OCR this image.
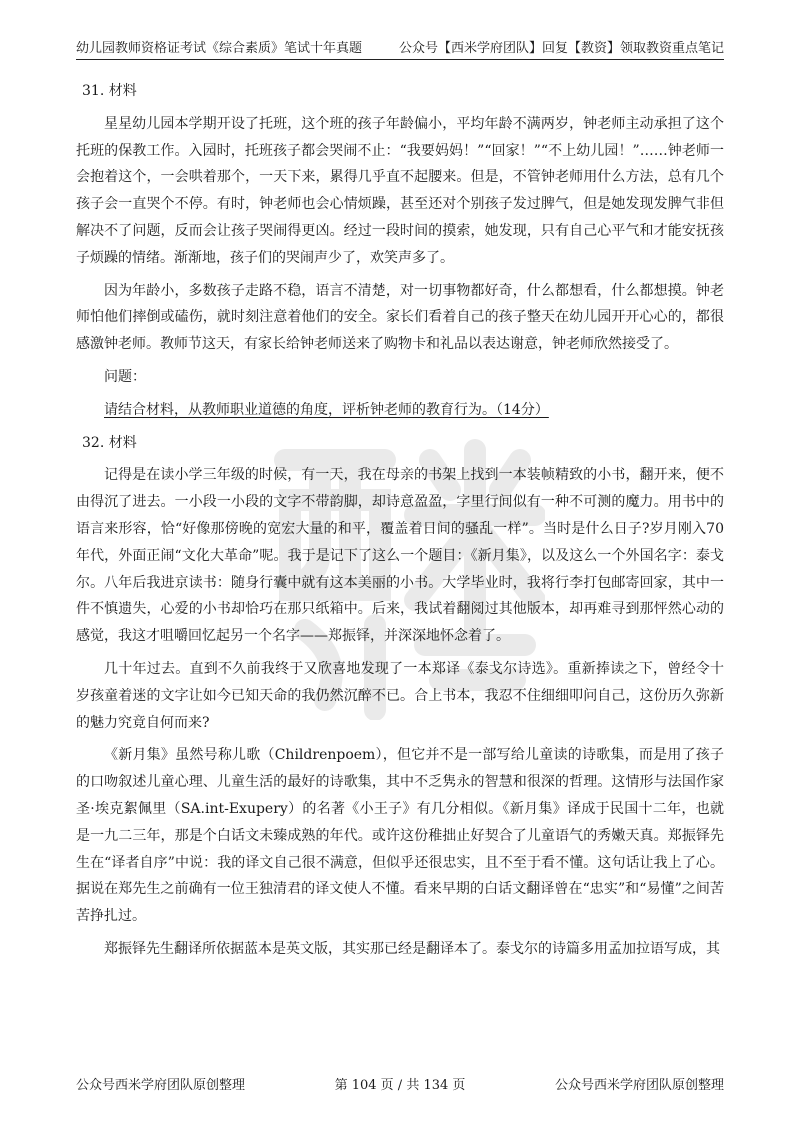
幼儿园教师资格证考试《综合素质》笔试十年真题	公众号【西米学府团队】回复【教资】领取教资重点笔记

31. 材料

星星幼儿园本学期开设了托班，这个班的孩子年龄偏小，平均年龄不满两岁，钟老师主动承担了这个托班的保教工作。入园时，托班孩子都会哭闹不止：“我要妈妈！”“回家！”“不上幼儿园！”……钟老师一会抱着这个，一会哄着那个，一天下来，累得几乎直不起腰来。但是，不管钟老师用什么方法，总有几个孩子会一直哭个不停。有时，钟老师也会心情烦躁，甚至还对个别孩子发过脾气，但是她发现发脾气非但解决不了问题，反而会让孩子哭闹得更凶。经过一段时间的摸索，她发现，只有自己心平气和才能安抚孩子烦躁的情绪。渐渐地，孩子们的哭闹声少了，欢笑声多了。

因为年龄小，多数孩子走路不稳，语言不清楚，对一切事物都好奇，什么都想看，什么都想摸。钟老师怕他们摔倒或磕伤，就时刻注意着他们的安全。家长们看着自己的孩子整天在幼儿园开开心心的，都很感激钟老师。教师节这天，有家长给钟老师送来了购物卡和礼品以表达谢意，钟老师欣然接受了。

问题：

请结合材料，从教师职业道德的角度，评析钟老师的教育行为。（14分）

32. 材料

记得是在读小学三年级的时候，有一天，我在母亲的书架上找到一本装帧精致的小书，翻开来，便不由得沉了进去。一小段一小段的文字不带韵脚，却诗意盈盈，字里行间似有一种不可测的魔力。用书中的语言来形容，恰“好像那傍晚的宽宏大量的和平，覆盖着日间的骚乱一样”。当时是什么日子?岁月刚入70年代，外面正闹“文化大革命”呢。我于是记下了这么一个题目：《新月集》，以及这么一个外国名字：泰戈尔。八年后我进京读书：随身行囊中就有这本美丽的小书。大学毕业时，我将行李打包邮寄回家，其中一件不慎遗失，心爱的小书却恰巧在那只纸箱中。后来，我试着翻阅过其他版本，却再难寻到那怦然心动的感觉，我这才咀嚼回忆起另一个名字——郑振铎，并深深地怀念着了。

几十年过去。直到不久前我终于又欣喜地发现了一本郑译《泰戈尔诗选》。重新捧读之下，曾经令十岁孩童着迷的文字让如今已知天命的我仍然沉醉不已。合上书本，我忍不住细细叩问自己，这份历久弥新的魅力究竟自何而来?

《新月集》虽然号称儿歌（Childrenpoem），但它并不是一部写给儿童读的诗歌集，而是用了孩子的口吻叙述儿童心理、儿童生活的最好的诗歌集，其中不乏隽永的智慧和很深的哲理。这情形与法国作家圣·埃克絮佩里（SA.int-Exupery）的名著《小王子》有几分相似。《新月集》译成于民国十二年，也就是一九二三年，那是个白话文未臻成熟的年代。或许这份稚拙止好契合了儿童语气的秀嫩天真。郑振铎先生在“译者自序”中说：我的译文自己很不满意，但似乎还很忠实，且不至于看不懂。这句话让我上了心。据说在郑先生之前确有一位王独清君的译文使人不懂。看来早期的白话文翻译曾在“忠实”和“易懂”之间苦苦挣扎过。

郑振铎先生翻译所依据蓝本是英文版，其实那已经是翻译本了。泰戈尔的诗篇多用孟加拉语写成，其

公众号西米学府团队原创整理	第 104 页 / 共 134 页	公众号西米学府团队原创整理
